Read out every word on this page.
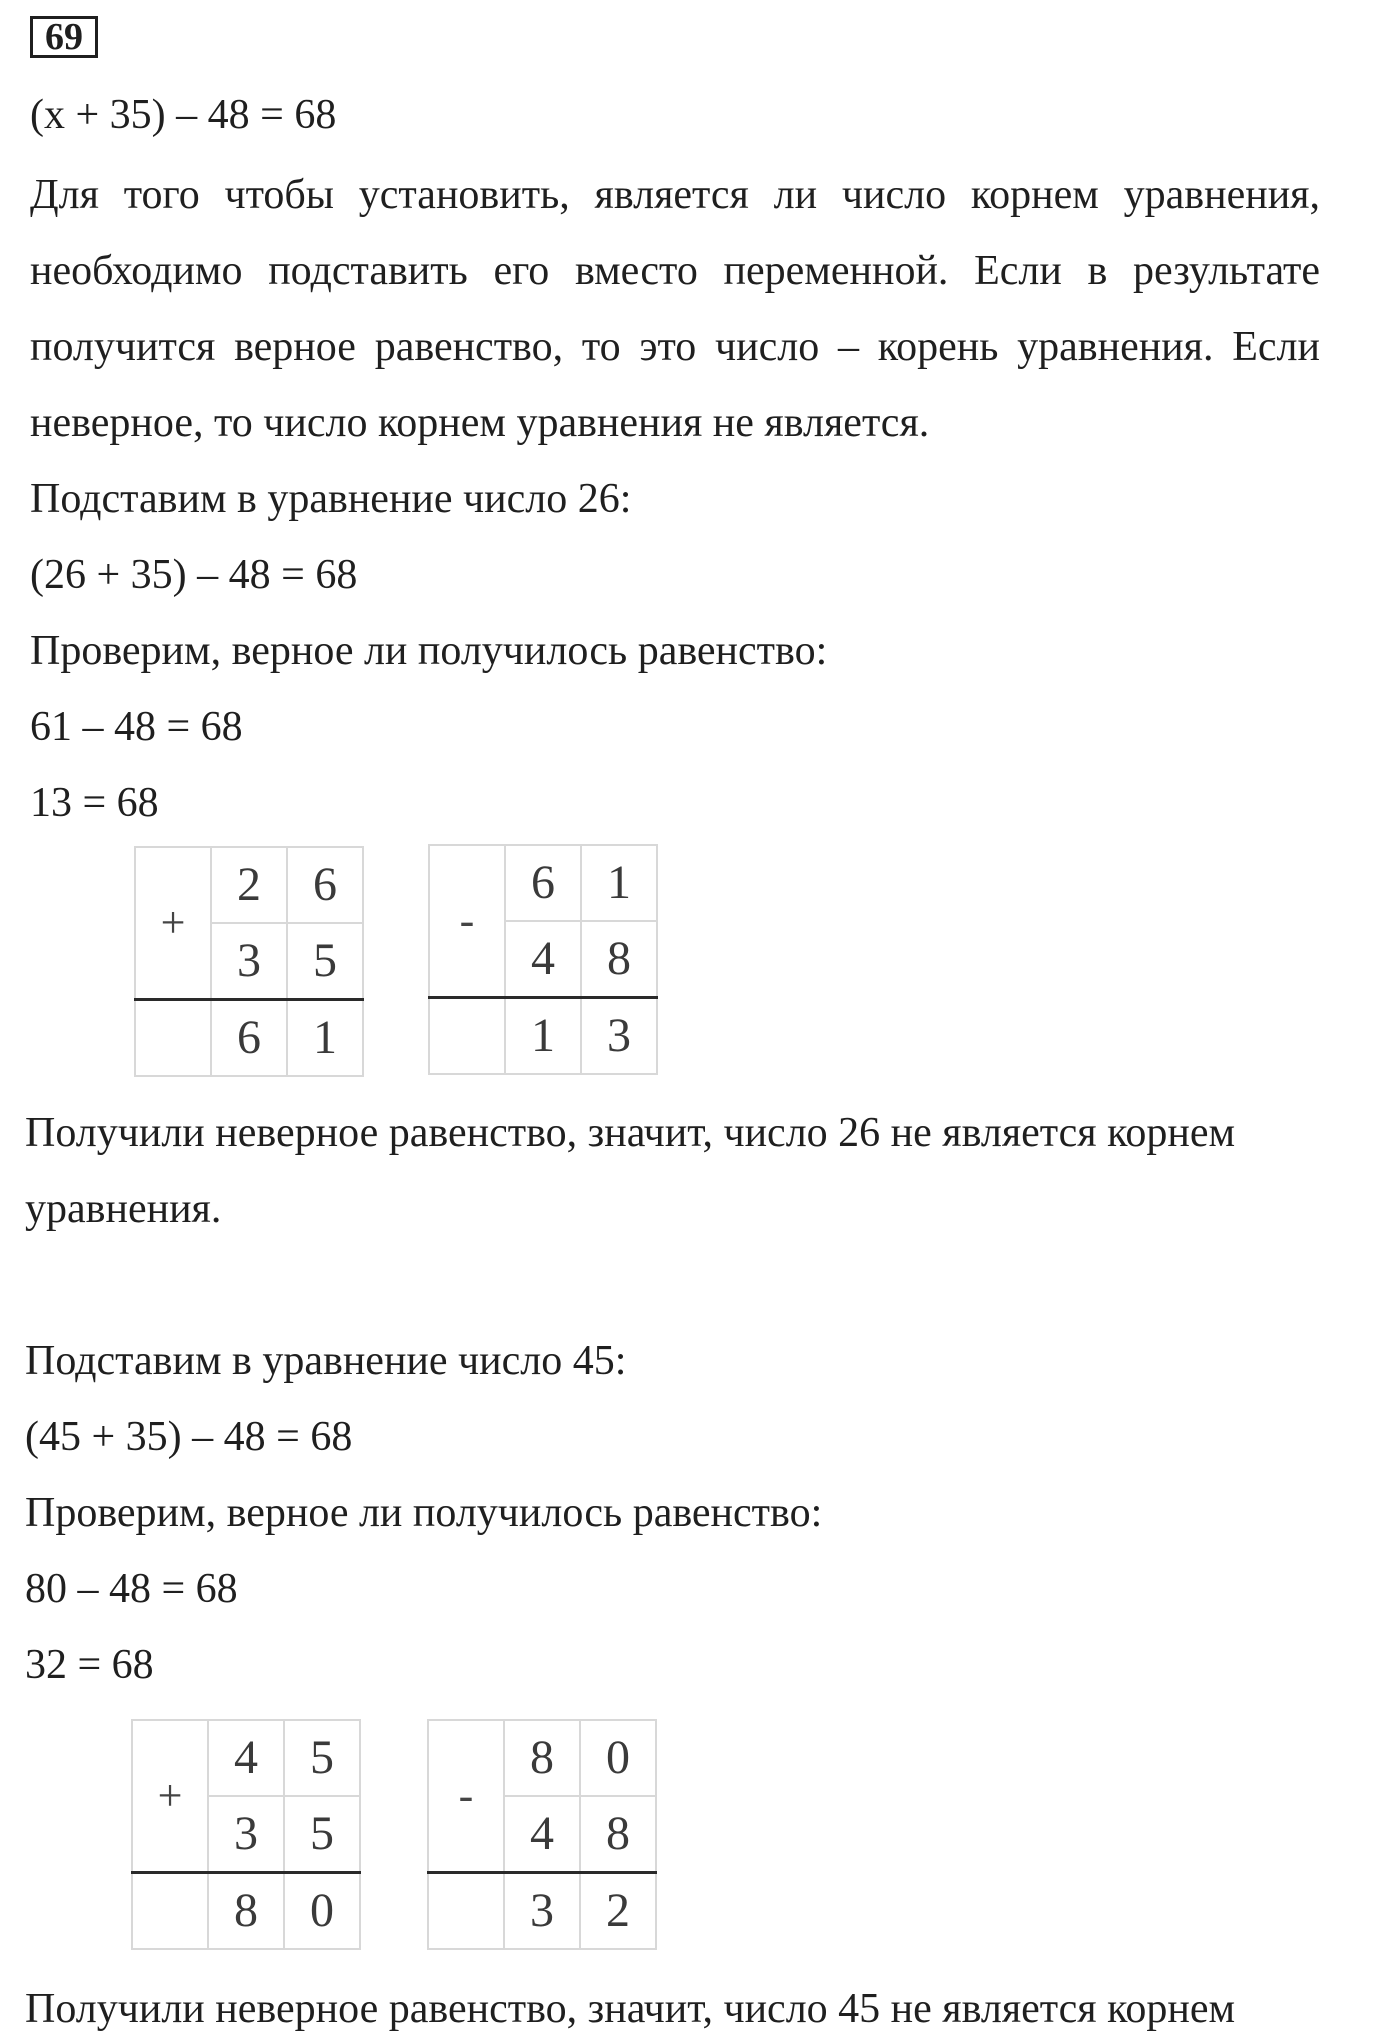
69
(x + 35) – 48 = 68
Для того чтобы установить, является ли число корнем уравнения,
необходимо подставить его вместо переменной. Если в результате
получится верное равенство, то это число – корень уравнения. Если
неверное, то число корнем уравнения не является.
Подставим в уравнение число 26:
(26 + 35) – 48 = 68
Проверим, верное ли получилось равенство:
61 – 48 = 68
13 = 68
+	2	6
	3	5
	6	1
-	6	1
	4	8
	1	3
Получили неверное равенство, значит, число 26 не является корнем
уравнения.
Подставим в уравнение число 45:
(45 + 35) – 48 = 68
Проверим, верное ли получилось равенство:
80 – 48 = 68
32 = 68
+	4	5
	3	5
	8	0
-	8	0
	4	8
	3	2
Получили неверное равенство, значит, число 45 не является корнем
